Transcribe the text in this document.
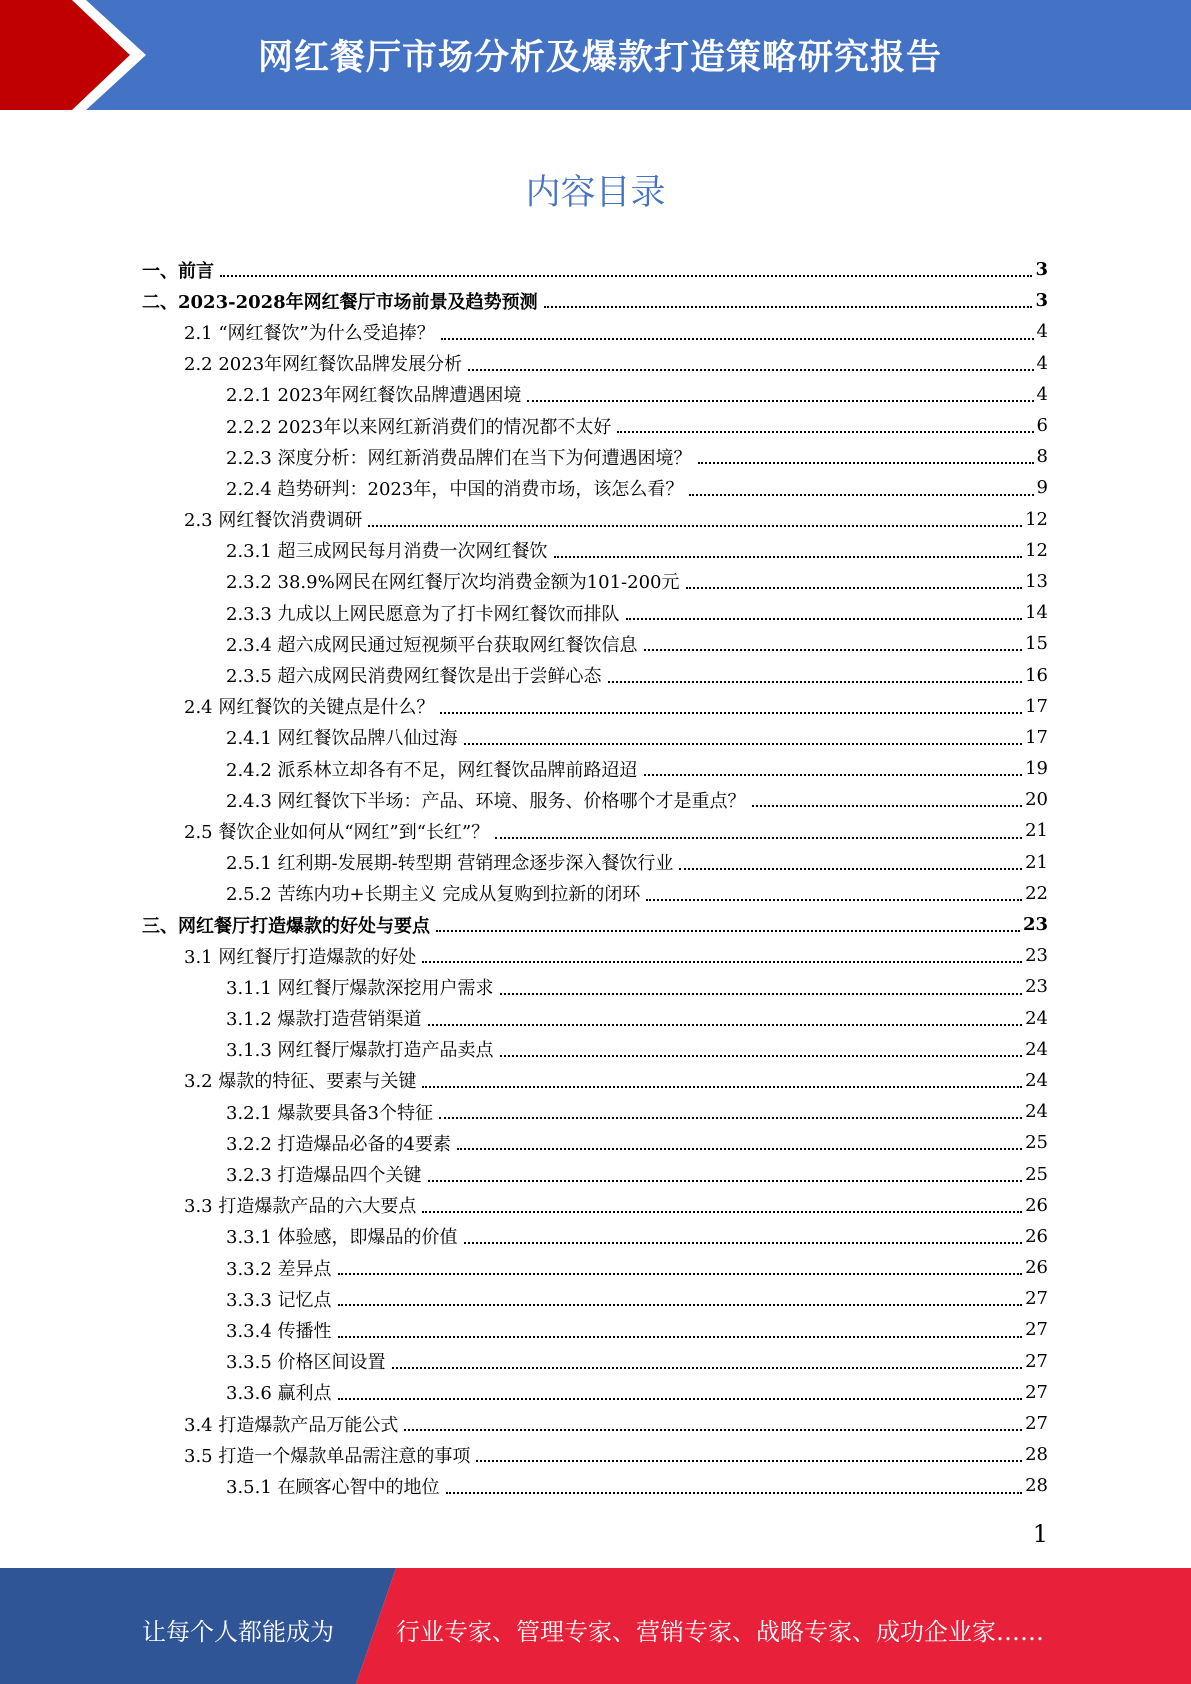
网红餐厅市场分析及爆款打造策略研究报告
内容目录
一、前言	3
二、2023-2028年网红餐厅市场前景及趋势预测	3
2.1 “网红餐饮”为什么受追捧？	4
2.2 2023年网红餐饮品牌发展分析	4
2.2.1 2023年网红餐饮品牌遭遇困境	4
2.2.2 2023年以来网红新消费们的情况都不太好	6
2.2.3 深度分析：网红新消费品牌们在当下为何遭遇困境？	8
2.2.4 趋势研判：2023年，中国的消费市场，该怎么看？	9
2.3 网红餐饮消费调研	12
2.3.1 超三成网民每月消费一次网红餐饮	12
2.3.2 38.9%网民在网红餐厅次均消费金额为101-200元	13
2.3.3 九成以上网民愿意为了打卡网红餐饮而排队	14
2.3.4 超六成网民通过短视频平台获取网红餐饮信息	15
2.3.5 超六成网民消费网红餐饮是出于尝鲜心态	16
2.4 网红餐饮的关键点是什么？	17
2.4.1 网红餐饮品牌八仙过海	17
2.4.2 派系林立却各有不足，网红餐饮品牌前路迢迢	19
2.4.3 网红餐饮下半场：产品、环境、服务、价格哪个才是重点？	20
2.5 餐饮企业如何从“网红”到“长红”？	21
2.5.1 红利期-发展期-转型期 营销理念逐步深入餐饮行业	21
2.5.2 苦练内功+长期主义 完成从复购到拉新的闭环	22
三、网红餐厅打造爆款的好处与要点	23
3.1 网红餐厅打造爆款的好处	23
3.1.1 网红餐厅爆款深挖用户需求	23
3.1.2 爆款打造营销渠道	24
3.1.3 网红餐厅爆款打造产品卖点	24
3.2 爆款的特征、要素与关键	24
3.2.1 爆款要具备3个特征	24
3.2.2 打造爆品必备的4要素	25
3.2.3 打造爆品四个关键	25
3.3 打造爆款产品的六大要点	26
3.3.1 体验感，即爆品的价值	26
3.3.2 差异点	26
3.3.3 记忆点	27
3.3.4 传播性	27
3.3.5 价格区间设置	27
3.3.6 赢利点	27
3.4 打造爆款产品万能公式	27
3.5 打造一个爆款单品需注意的事项	28
3.5.1 在顾客心智中的地位	28
1
让每个人都能成为	行业专家、管理专家、营销专家、战略专家、成功企业家……
